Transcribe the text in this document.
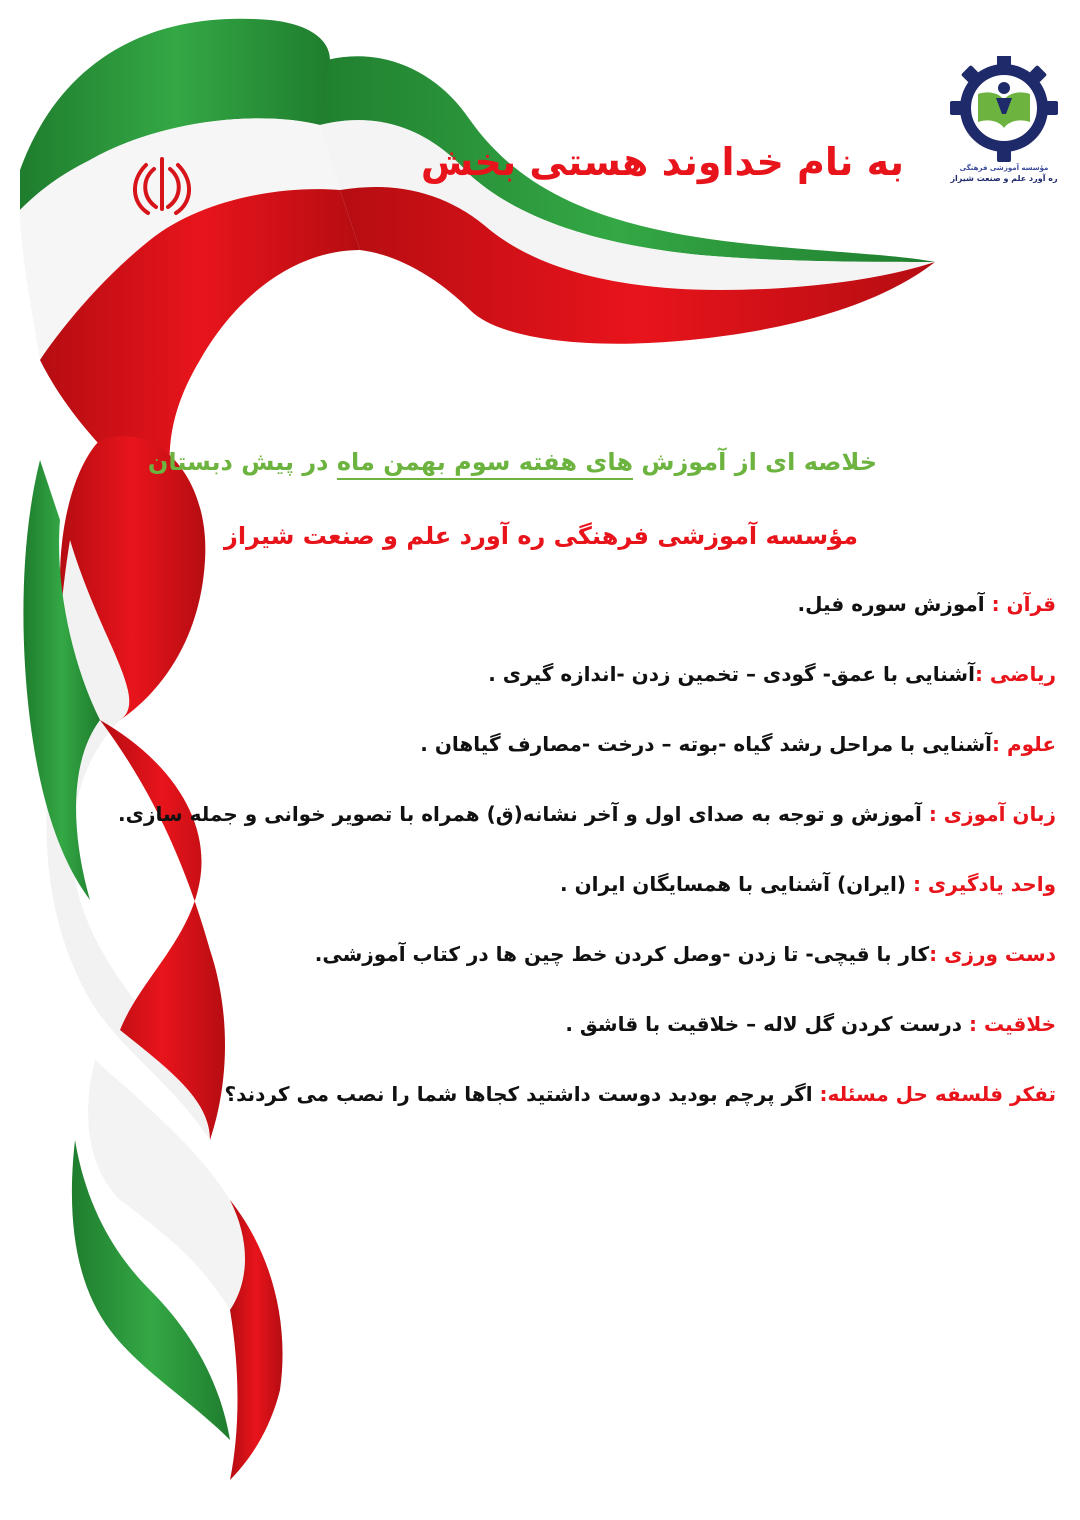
مؤسسه آموزشی فرهنگی
ره آورد علم و صنعت شیراز
به نام خداوند هستی بخش
خلاصه ای از آموزش های هفته سوم بهمن ماه در پیش دبستان
مؤسسه آموزشی فرهنگی ره آورد علم و صنعت شیراز
قرآن : آموزش سوره فیل.
ریاضی :آشنایی با عمق- گودی – تخمین زدن -اندازه گیری .
علوم :آشنایی با مراحل رشد گیاه -بوته – درخت -مصارف گیاهان .
زبان آموزی : آموزش و توجه به صدای اول و آخر نشانه(ق) همراه با تصویر خوانی و جمله سازی.
واحد یادگیری : (ایران) آشنایی با همسایگان ایران .
دست ورزی :کار با قیچی- تا زدن -وصل کردن خط چین ها در کتاب آموزشی.
خلاقیت : درست کردن گل لاله – خلاقیت با قاشق .
تفکر فلسفه حل مسئله: اگر پرچم بودید دوست داشتید کجاها شما را نصب می کردند؟
